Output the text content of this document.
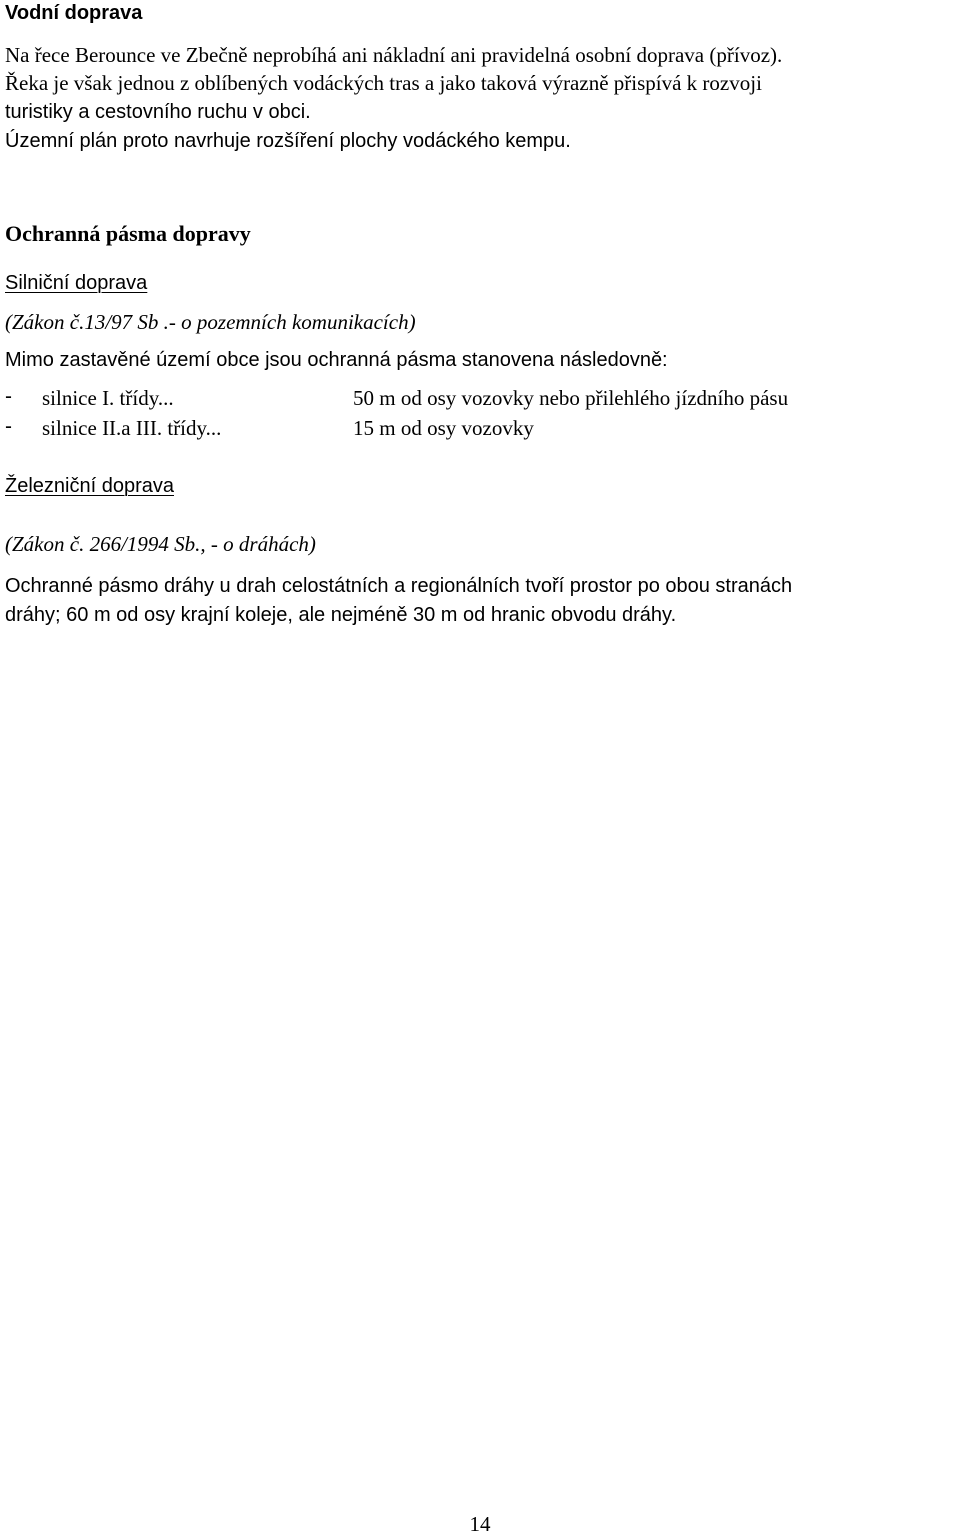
Vodní doprava

Na řece Berounce ve Zbečně neprobíhá ani nákladní ani pravidelná osobní doprava (přívoz).

Řeka je však jednou z oblíbených vodáckých tras a jako taková výrazně přispívá k rozvoji

turistiky a cestovního ruchu v obci.

Územní plán proto navrhuje rozšíření plochy vodáckého kempu.

Ochranná pásma dopravy
Silniční doprava

(Zákon č.13/97 Sb .- o pozemních komunikacích)

Mimo zastavěné území obce jsou ochranná pásma stanovena následovně:

- silnice I. třídy...	50 m od osy vozovky nebo přilehlého jízdního pásu
- silnice II.a III. třídy...	15 m od osy vozovky
Železniční doprava

(Zákon č. 266/1994 Sb., - o dráhách)

Ochranné pásmo dráhy u drah celostátních a regionálních tvoří prostor po obou stranách

dráhy; 60 m od osy krajní koleje, ale nejméně 30 m od hranic obvodu dráhy.

14
